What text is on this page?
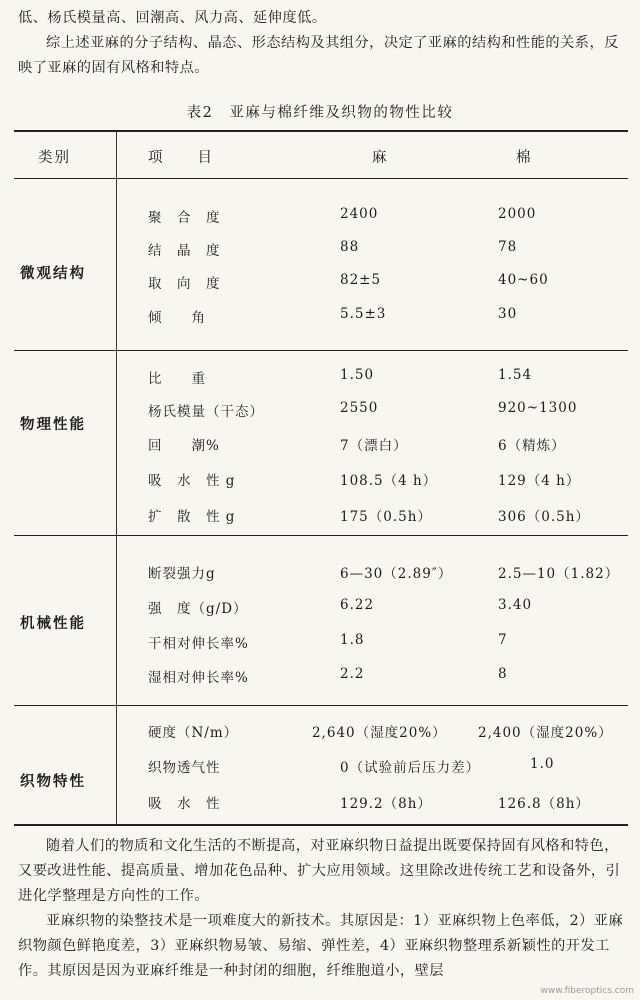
低、杨氏模量高、回潮高、风力高、延伸度低。

综上述亚麻的分子结构、晶态、形态结构及其组分，决定了亚麻的结构和性能的关系，反映了亚麻的固有风格和特点。

表2　亚麻与棉纤维及织物的物性比较
类别	项　　目	麻	棉
微观结构
聚　合　度	2400	2000
结　晶　度	88	78
取　向　度	82±5	40~60
倾　　角	5.5±3	30
物理性能
比　　重	1.50	1.54
杨氏模量（干态）	2550	920~1300
回　　潮%	7（漂白）	6（精炼）
吸　水　性 g	108.5（4 h）	129（4 h）
扩　散　性 g	175（0.5h）	306（0.5h）
机械性能
断裂强力g	6—30（2.89″）	2.5—10（1.82）
强　度（g/D）	6.22	3.40
干相对伸长率%	1.8	7
湿相对伸长率%	2.2	8
织物特性
硬度（N/m）	2,640（湿度20%） 2,400（湿度20%）
织物透气性	0（试验前后压力差）	1.0
吸　水　性	129.2（8h）	126.8（8h）

随着人们的物质和文化生活的不断提高，对亚麻织物日益提出既要保持固有风格和特色，又要改进性能、提高质量、增加花色品种、扩大应用领域。这里除改进传统工艺和设备外，引进化学整理是方向性的工作。

亚麻织物的染整技术是一项难度大的新技术。其原因是：1）亚麻织物上色率低，2）亚麻织物颜色鲜艳度差，3）亚麻织物易皱、易缩、弹性差，4）亚麻织物整理系新颖性的开发工作。其原因是因为亚麻纤维是一种封闭的细胞，纤维胞道小，壁层

www.fiberoptics.com
